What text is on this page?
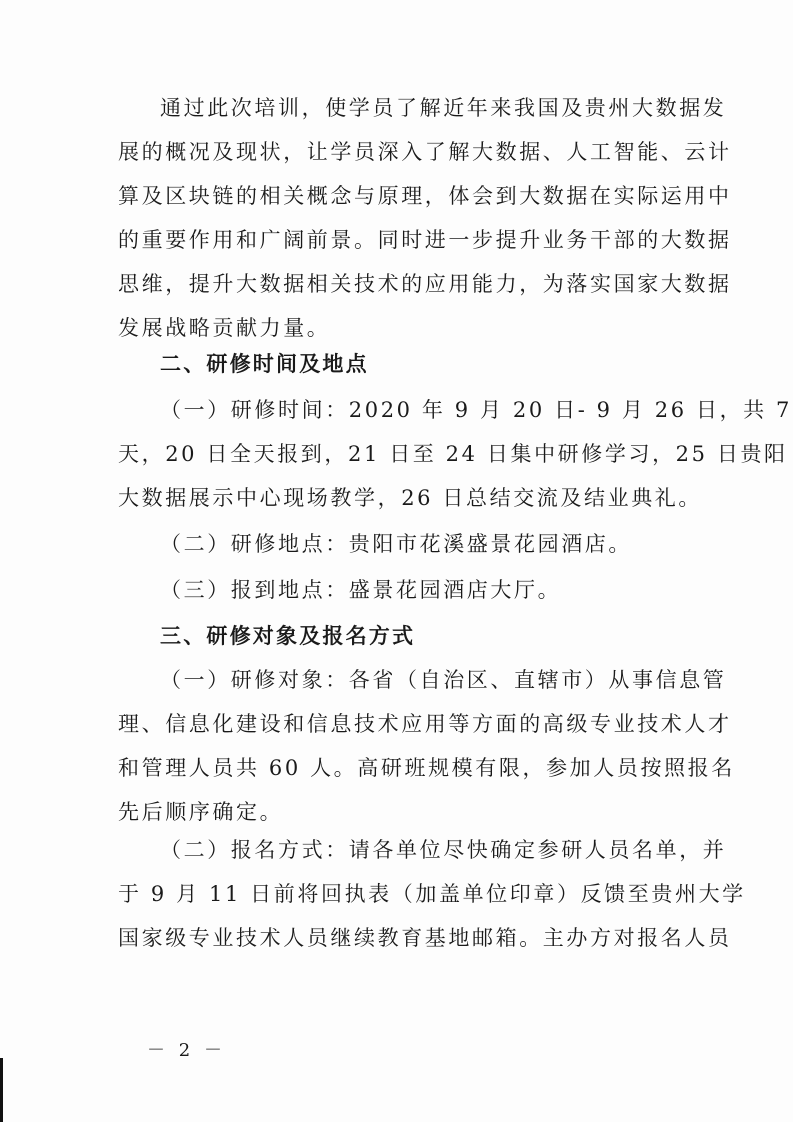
通过此次培训，使学员了解近年来我国及贵州大数据发
展的概况及现状，让学员深入了解大数据、人工智能、云计
算及区块链的相关概念与原理，体会到大数据在实际运用中
的重要作用和广阔前景。同时进一步提升业务干部的大数据
思维，提升大数据相关技术的应用能力，为落实国家大数据
发展战略贡献力量。

二、研修时间及地点

（一）研修时间：2020 年 9 月 20 日- 9 月 26 日，共 7
天，20 日全天报到，21 日至 24 日集中研修学习，25 日贵阳
大数据展示中心现场教学，26 日总结交流及结业典礼。

（二）研修地点：贵阳市花溪盛景花园酒店。

（三）报到地点：盛景花园酒店大厅。

三、研修对象及报名方式

（一）研修对象：各省（自治区、直辖市）从事信息管
理、信息化建设和信息技术应用等方面的高级专业技术人才
和管理人员共 60 人。高研班规模有限，参加人员按照报名
先后顺序确定。
（二）报名方式：请各单位尽快确定参研人员名单，并
于 9 月 11 日前将回执表（加盖单位印章）反馈至贵州大学
国家级专业技术人员继续教育基地邮箱。主办方对报名人员

－ 2 －
